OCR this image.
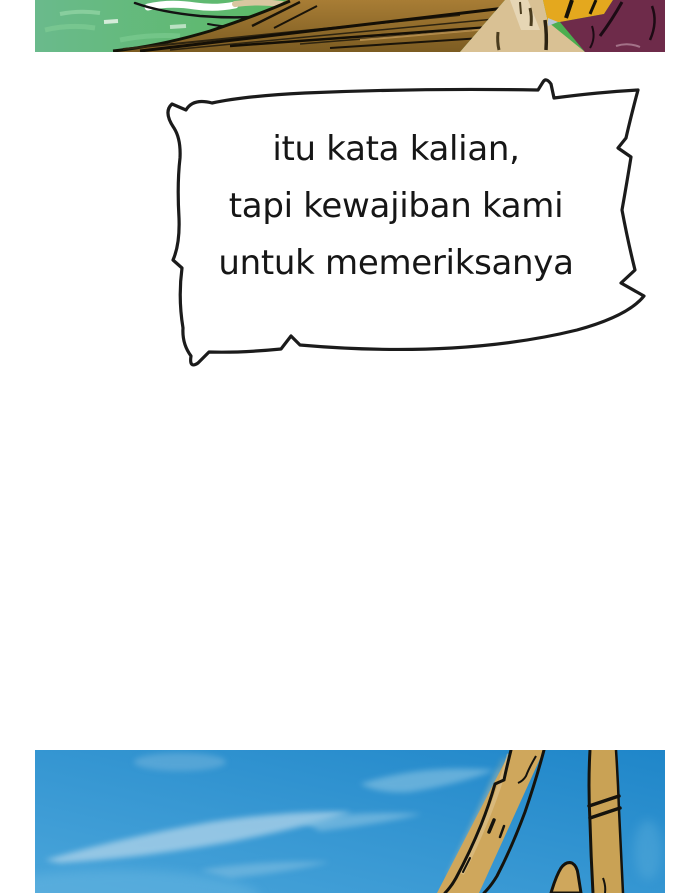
itu kata kalian,
tapi kewajiban kami
untuk memeriksanya
